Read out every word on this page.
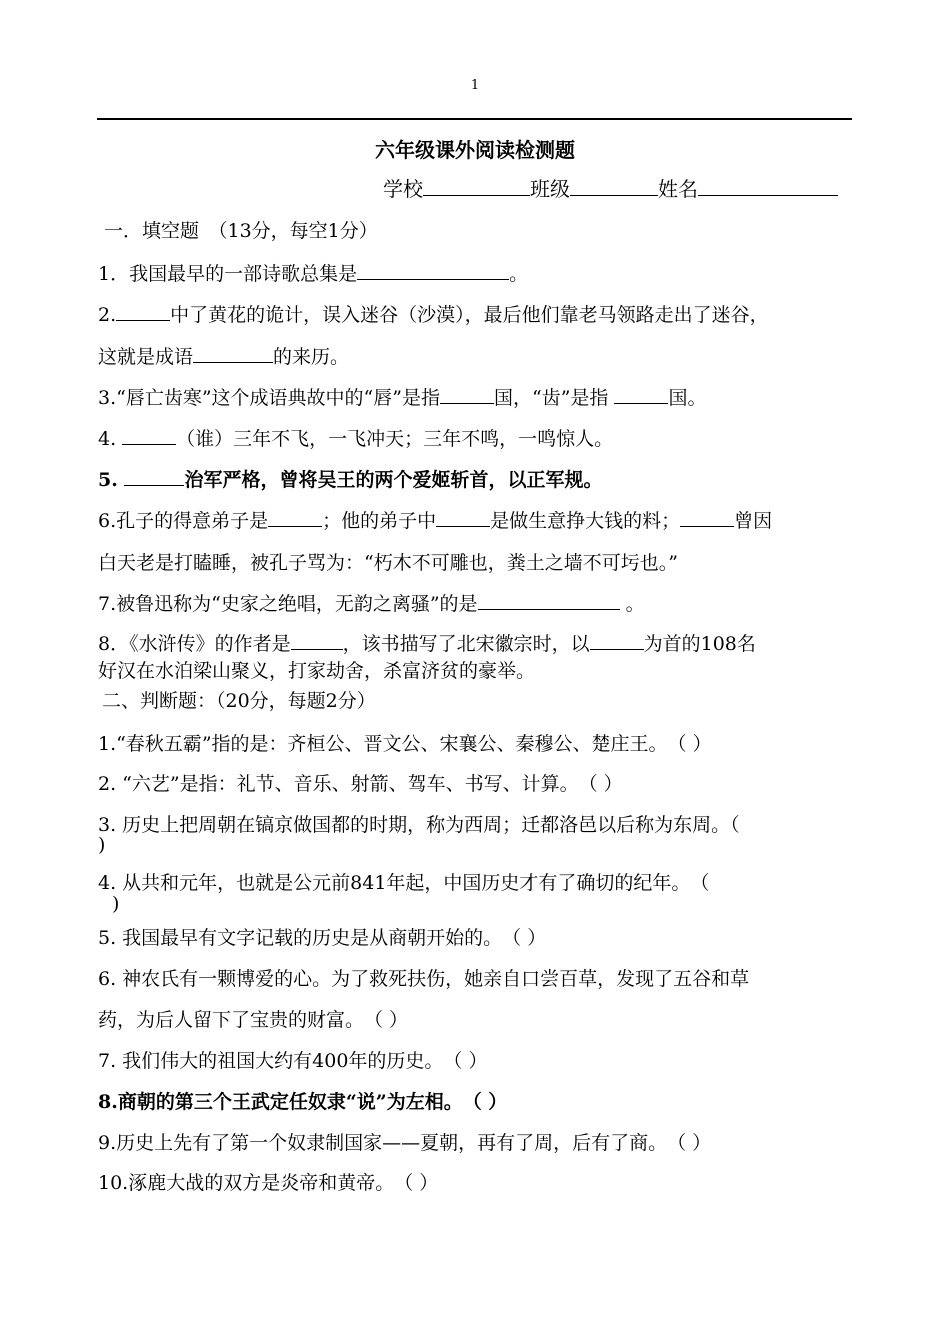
1
六年级课外阅读检测题
学校	班级	姓名
一．填空题　（13分，每空1分）
1．我国最早的一部诗歌总集是	。
2.	中了黄花的诡计，误入迷谷（沙漠），最后他们靠老马领路走出了迷谷，
这就是成语	的来历。
3.“唇亡齿寒”这个成语典故中的“唇”是指	国，“齿”是指	国。
4.	（谁）三年不飞，一飞冲天；三年不鸣，一鸣惊人。
5.	治军严格，曾将吴王的两个爱姬斩首，以正军规。
6.孔子的得意弟子是	；他的弟子中	是做生意挣大钱的料；	曾因
白天老是打瞌睡，被孔子骂为：“朽木不可雕也，粪土之墙不可圬也。”
7.被鲁迅称为“史家之绝唱，无韵之离骚”的是	。
8．《水浒传》的作者是	，该书描写了北宋徽宗时，以	为首的108名
好汉在水泊梁山聚义，打家劫舍，杀富济贫的豪举。
二、判断题：（20分，每题2分）
1.“春秋五霸”指的是：齐桓公、晋文公、宋襄公、秦穆公、楚庄王。　（ ）
2. “六艺”是指：礼节、音乐、射箭、驾车、书写、计算。　（ ）
3. 历史上把周朝在镐京做国都的时期，称为西周；迁都洛邑以后称为东周。（
)
4. 从共和元年，也就是公元前841年起，中国历史才有了确切的纪年。　（
)
5. 我国最早有文字记载的历史是从商朝开始的。　（ ）
6. 神农氏有一颗博爱的心。为了救死扶伤，她亲自口尝百草，发现了五谷和草
药，为后人留下了宝贵的财富。　（ ）
7. 我们伟大的祖国大约有400年的历史。　（ ）
8.商朝的第三个王武定任奴隶“说”为左相。　（ ）
9.历史上先有了第一个奴隶制国家——夏朝，再有了周，后有了商。　（ ）
10.涿鹿大战的双方是炎帝和黄帝。　（ ）
